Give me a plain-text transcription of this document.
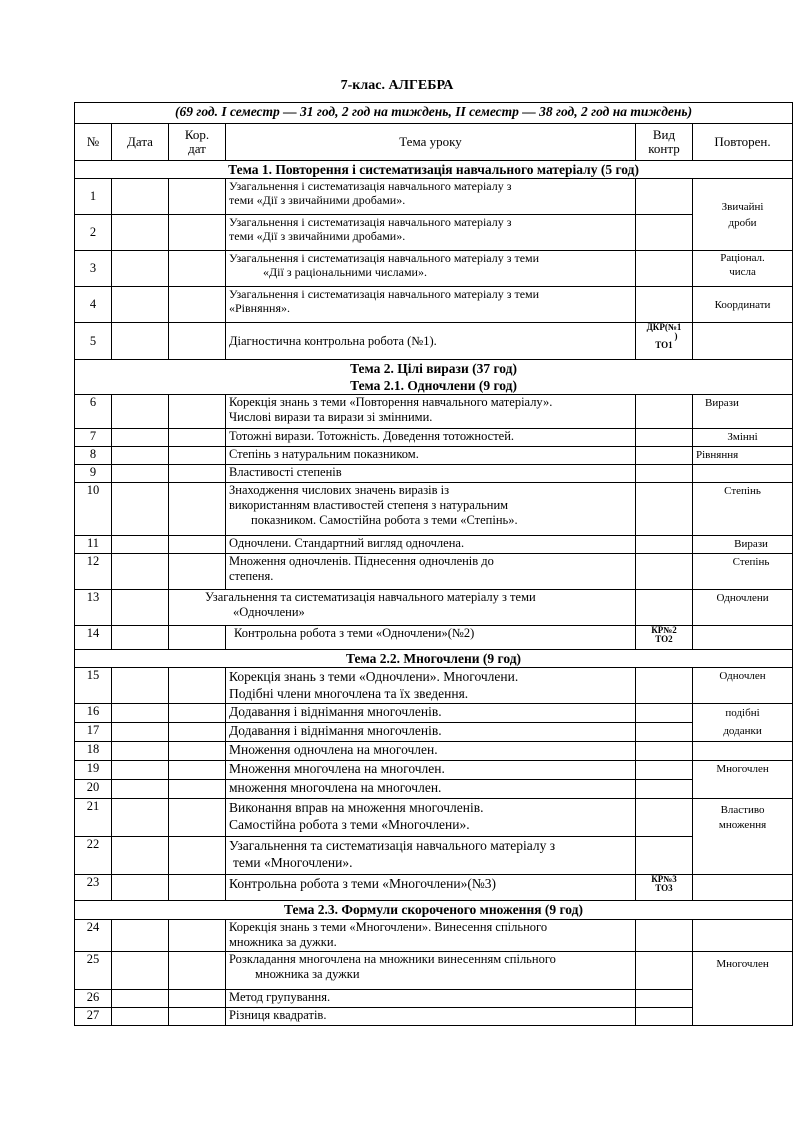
7-клас. АЛГЕБРА
(69 год. І семестр — 31 год, 2 год на тиждень, ІІ семестр — 38 год, 2 год на тиждень)					
№	Дата	Кор.
дат	Тема уроку	Вид
контр	Повторен.
Тема 1. Повторення і систематизація навчального матеріалу (5 год)					
1			Узагальнення і систематизація навчального матеріалу з
теми «Дії з звичайними дробами».		Звичайні
дроби
2			Узагальнення і систематизація навчального матеріалу з
теми «Дії з звичайними дробами».		
3			Узагальнення і систематизація навчального матеріалу з теми
«Дії з раціональними числами».		Раціонал.
числа
4			Узагальнення і систематизація навчального матеріалу з теми
«Рівняння».		Координати
5			Діагностична контрольна робота (№1).	ДКР(№1
)
ТО1	
Тема 2. Цілі вирази (37 год)
Тема 2.1. Одночлени (9 год)					
6			Корекція знань з теми «Повторення навчального матеріалу».
Числові вирази та вирази зі змінними.		Вирази
7			Тотожні вирази. Тотожність. Доведення тотожностей.		Змінні
8			Степінь з натуральним показником.		Рівняння
9			Властивості степенів		
10			Знаходження числових значень виразів із
використанням властивостей степеня з натуральним
показником. Самостійна робота з теми «Степінь».		Степінь
11			Одночлени. Стандартний вигляд одночлена.		Вирази
12			Множення одночленів. Піднесення одночленів до
степеня.		Степінь
13		Узагальнення та систематизація навчального матеріалу з теми
«Одночлени»			Одночлени
14			Контрольна робота з теми «Одночлени»(№2)	КР№2
ТО2	
Тема 2.2. Многочлени (9 год)					
15			Корекція знань з теми «Одночлени». Многочлени.
Подібні члени многочлена та їх зведення.		Одночлен
16			Додавання і віднімання многочленів.		подібні
доданки
17			Додавання і віднімання многочленів.		
18			Множення одночлена на многочлен.		
19			Множення многочлена на многочлен.		Многочлен
20			множення многочлена на многочлен.		
21			Виконання вправ на множення многочленів.
Самостійна робота з теми «Многочлени».		Властиво
множення
22			Узагальнення та систематизація навчального матеріалу з
теми «Многочлени».		
23			Контрольна робота з теми «Многочлени»(№3)	КР№3
ТО3	
Тема 2.3. Формули скороченого множення (9 год)					
24			Корекція знань з теми «Многочлени». Винесення спільного
множника за дужки.		
25			Розкладання многочлена на множники винесенням спільного
множника за дужки		Многочлен
26			Метод групування.		
27			Різниця квадратів.		
